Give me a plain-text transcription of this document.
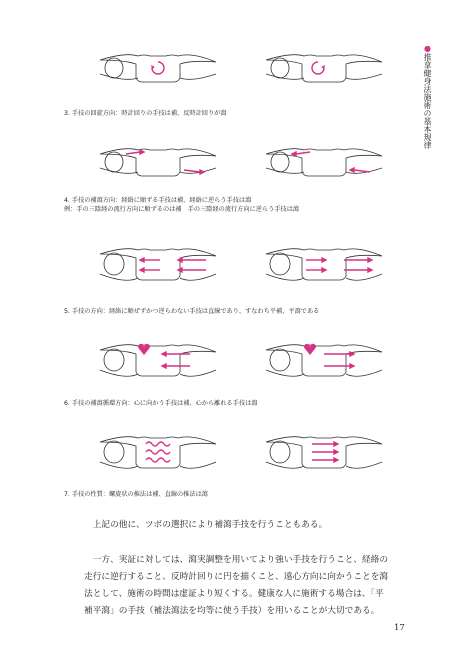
●推拿健身法施術の基本規律
3. 手技の回旋方向：時計回りの手技は補、反時計回りが瀉
4. 手技の補瀉方向：経絡に順ずる手技は補、経絡に逆らう手技は瀉
例：手の三陰経の流行方向に順ずるのは補　手の三陰経の流行方向に逆らう手技は瀉
5. 手技の方向：経絡に順ぜずかつ逆らわない手技は直線であり、すなわち平補、平瀉である
6. 手技の補瀉循環方向：心に向かう手技は補、心から離れる手技は瀉
7. 手技の性質：螺旋状の推法は補、直線の推法は瀉

上記の他に、ツボの選択により補瀉手技を行うこともある。

一方、実証に対しては、瀉実調整を用いてより強い手技を行うこと、経絡の走行に逆行すること、反時計回りに円を描くこと、遠心方向に向かうことを瀉法として、施術の時間は虚証より短くする。健康な人に施術する場合は、「平補平瀉」の手技（補法瀉法を均等に使う手技）を用いることが大切である。

17
